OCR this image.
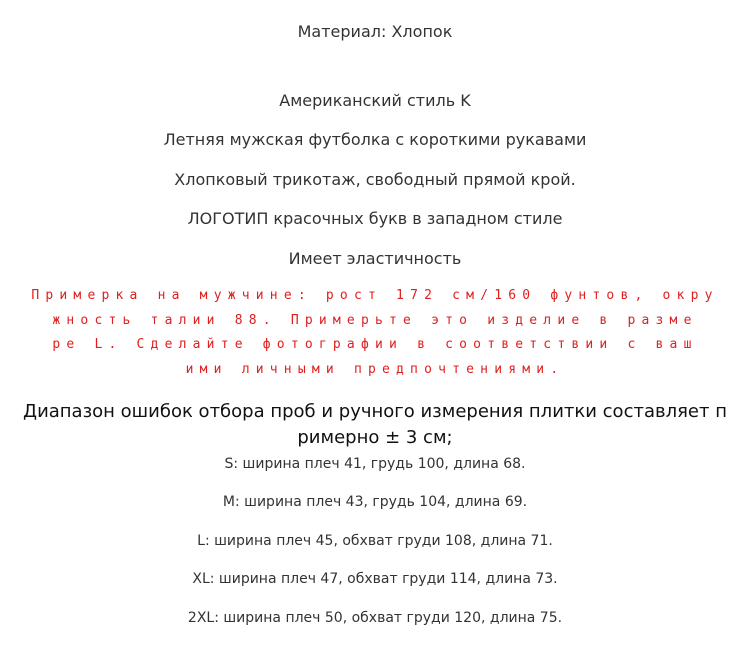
Материал: Хлопок
Американский стиль K
Летняя мужская футболка с короткими рукавами
Хлопковый трикотаж, свободный прямой крой.
ЛОГОТИП красочных букв в западном стиле
Имеет эластичность
Примерка на мужчине: рост 172 см/160 фунтов, окру
жность талии 88. Примерьте это изделие в разме
ре L. Сделайте фотографии в соответствии с ваш
ими личными предпочтениями.
Диапазон ошибок отбора проб и ручного измерения плитки составляет п
римерно ± 3 см;
S: ширина плеч 41, грудь 100, длина 68.
M: ширина плеч 43, грудь 104, длина 69.
L: ширина плеч 45, обхват груди 108, длина 71.
XL: ширина плеч 47, обхват груди 114, длина 73.
2XL: ширина плеч 50, обхват груди 120, длина 75.
